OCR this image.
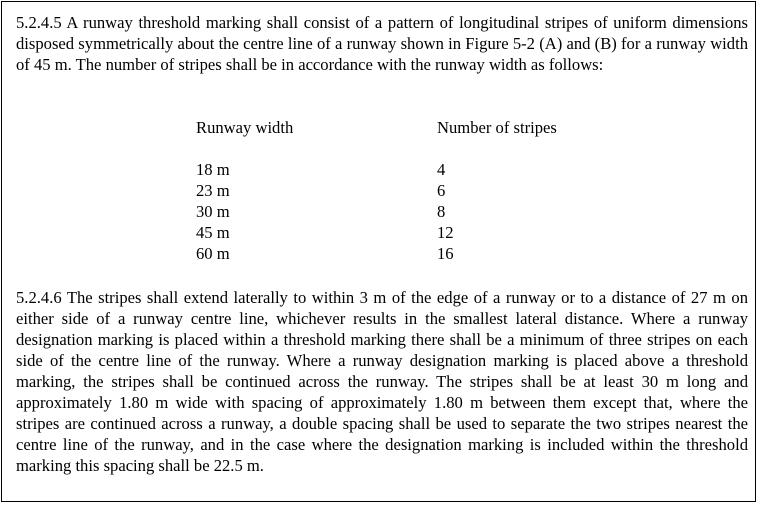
5.2.4.5 A runway threshold marking shall consist of a pattern of longitudinal stripes of uniform dimensions disposed symmetrically about the centre line of a runway shown in Figure 5-2 (A) and (B) for a runway width of 45 m. The number of stripes shall be in accordance with the runway width as follows:

Runway width	Number of stripes
18 m
23 m
30 m
45 m
60 m
4
6
8
12
16

5.2.4.6 The stripes shall extend laterally to within 3 m of the edge of a runway or to a distance of 27 m on either side of a runway centre line, whichever results in the smallest lateral distance. Where a runway designation marking is placed within a threshold marking there shall be a minimum of three stripes on each side of the centre line of the runway. Where a runway designation marking is placed above a threshold marking, the stripes shall be continued across the runway. The stripes shall be at least 30 m long and approximately 1.80 m wide with spacing of approximately 1.80 m between them except that, where the stripes are continued across a runway, a double spacing shall be used to separate the two stripes nearest the centre line of the runway, and in the case where the designation marking is included within the threshold marking this spacing shall be 22.5 m.
